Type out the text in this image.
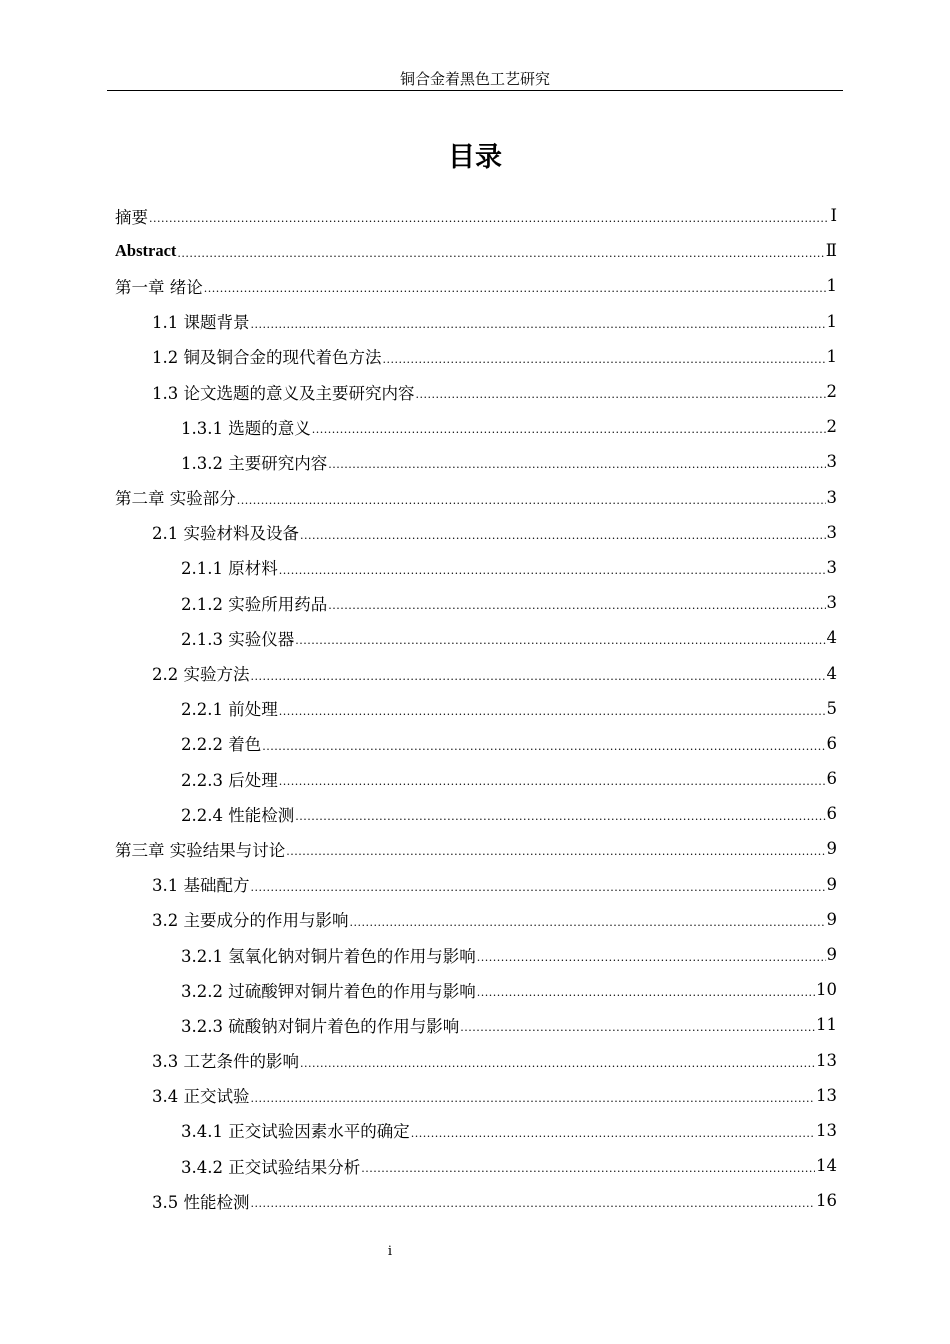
铜合金着黑色工艺研究
目录
摘要 .....	I
Abstract .....	Ⅱ
第一章 绪论 .....	1
1.1 课题背景 .....	1
1.2 铜及铜合金的现代着色方法 .....	1
1.3 论文选题的意义及主要研究内容 .....	2
1.3.1 选题的意义 .....	2
1.3.2 主要研究内容 .....	3
第二章 实验部分 .....	3
2.1 实验材料及设备 .....	3
2.1.1 原材料 .....	3
2.1.2 实验所用药品 .....	3
2.1.3 实验仪器 .....	4
2.2 实验方法 .....	4
2.2.1 前处理 .....	5
2.2.2 着色 .....	6
2.2.3 后处理 .....	6
2.2.4 性能检测 .....	6
第三章 实验结果与讨论 .....	9
3.1 基础配方 .....	9
3.2 主要成分的作用与影响 .....	9
3.2.1 氢氧化钠对铜片着色的作用与影响 .....	9
3.2.2 过硫酸钾对铜片着色的作用与影响 .....	10
3.2.3 硫酸钠对铜片着色的作用与影响 .....	11
3.3 工艺条件的影响 .....	13
3.4 正交试验 .....	13
3.4.1 正交试验因素水平的确定 .....	13
3.4.2 正交试验结果分析 .....	14
3.5 性能检测 .....	16
i
